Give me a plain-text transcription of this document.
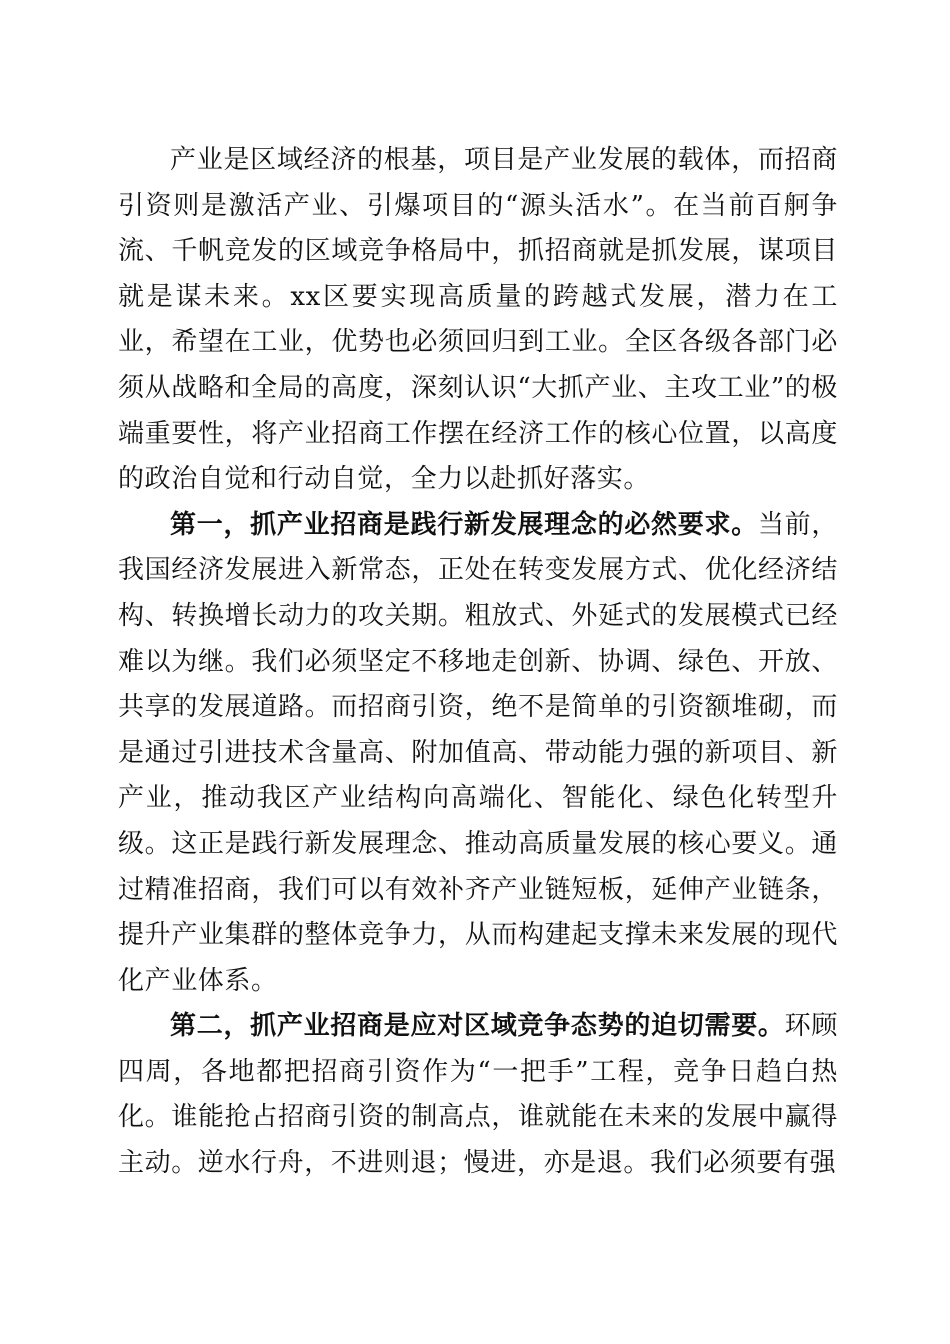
产业是区域经济的根基，项目是产业发展的载体，而招商引资则是激活产业、引爆项目的“源头活水”。在当前百舸争流、千帆竞发的区域竞争格局中，抓招商就是抓发展，谋项目就是谋未来。xx区要实现高质量的跨越式发展，潜力在工业，希望在工业，优势也必须回归到工业。全区各级各部门必须从战略和全局的高度，深刻认识“大抓产业、主攻工业”的极端重要性，将产业招商工作摆在经济工作的核心位置，以高度的政治自觉和行动自觉，全力以赴抓好落实。

第一，抓产业招商是践行新发展理念的必然要求。当前，我国经济发展进入新常态，正处在转变发展方式、优化经济结构、转换增长动力的攻关期。粗放式、外延式的发展模式已经难以为继。我们必须坚定不移地走创新、协调、绿色、开放、共享的发展道路。而招商引资，绝不是简单的引资额堆砌，而是通过引进技术含量高、附加值高、带动能力强的新项目、新产业，推动我区产业结构向高端化、智能化、绿色化转型升级。这正是践行新发展理念、推动高质量发展的核心要义。通过精准招商，我们可以有效补齐产业链短板，延伸产业链条，提升产业集群的整体竞争力，从而构建起支撑未来发展的现代化产业体系。

第二，抓产业招商是应对区域竞争态势的迫切需要。环顾四周，各地都把招商引资作为“一把手”工程，竞争日趋白热化。谁能抢占招商引资的制高点，谁就能在未来的发展中赢得主动。逆水行舟，不进则退；慢进，亦是退。我们必须要有强
